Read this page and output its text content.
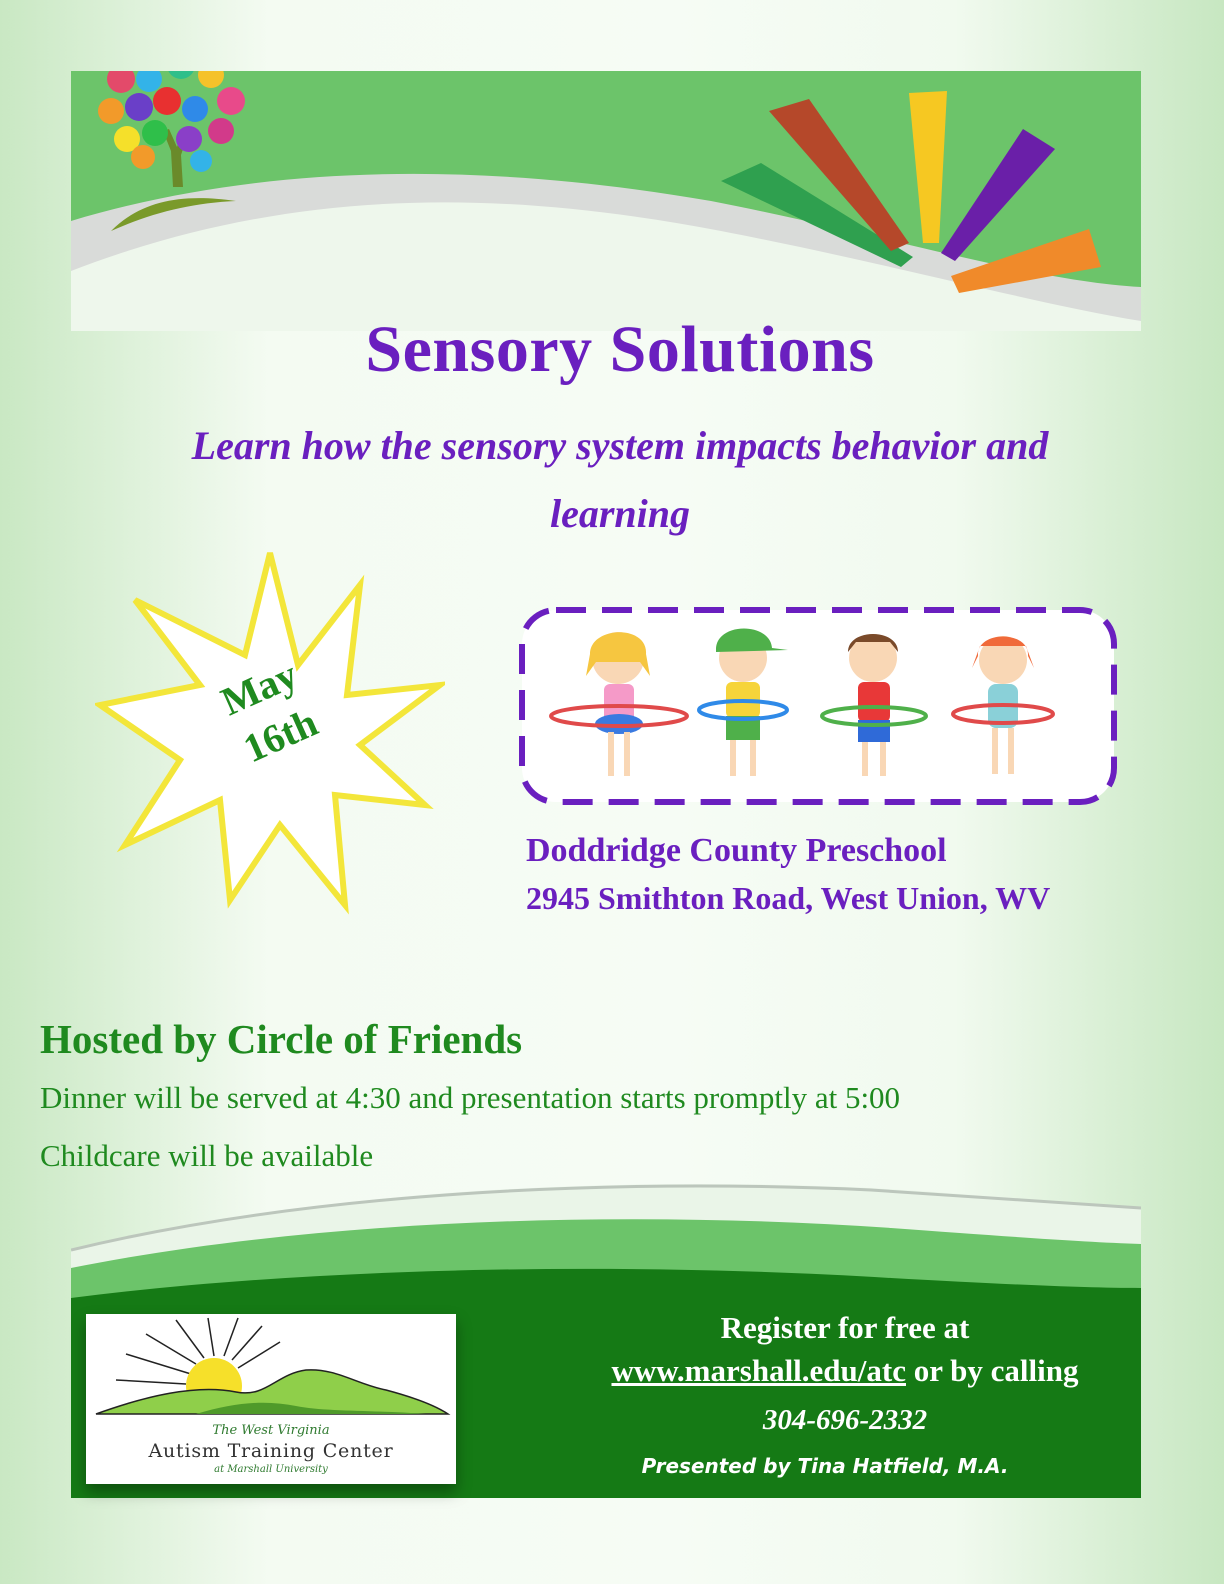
Sensory Solutions
Learn how the sensory system impacts behavior and learning
May
16th
Doddridge County Preschool
2945 Smithton Road, West Union, WV
Hosted by Circle of Friends
Dinner will be served at 4:30 and presentation starts promptly at 5:00
Childcare will be available
The West Virginia
Autism Training Center
at Marshall University
Register for free at
www.marshall.edu/atc or by calling
304-696-2332
Presented by Tina Hatfield, M.A.
